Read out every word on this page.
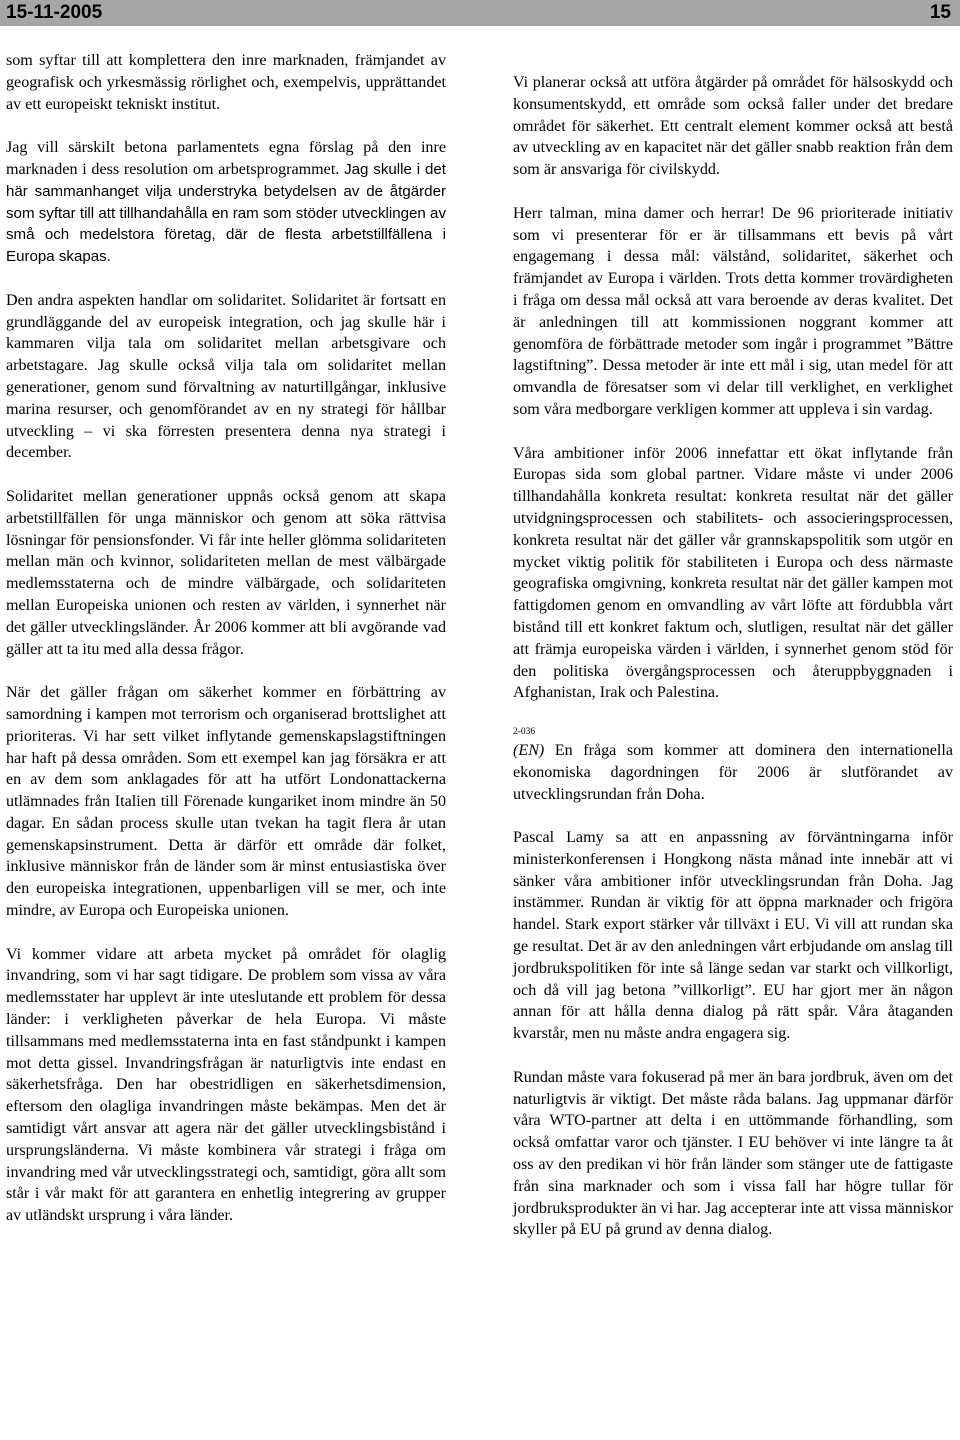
15-11-2005	15

som syftar till att komplettera den inre marknaden, främjandet av geografisk och yrkesmässig rörlighet och, exempelvis, upprättandet av ett europeiskt tekniskt institut.

Jag vill särskilt betona parlamentets egna förslag på den inre marknaden i dess resolution om arbetsprogrammet. Jag skulle i det här sammanhanget vilja understryka betydelsen av de åtgärder som syftar till att tillhandahålla en ram som stöder utvecklingen av små och medelstora företag, där de flesta arbetstillfällena i Europa skapas.

Den andra aspekten handlar om solidaritet. Solidaritet är fortsatt en grundläggande del av europeisk integration, och jag skulle här i kammaren vilja tala om solidaritet mellan arbetsgivare och arbetstagare. Jag skulle också vilja tala om solidaritet mellan generationer, genom sund förvaltning av naturtillgångar, inklusive marina resurser, och genomförandet av en ny strategi för hållbar utveckling – vi ska förresten presentera denna nya strategi i december.

Solidaritet mellan generationer uppnås också genom att skapa arbetstillfällen för unga människor och genom att söka rättvisa lösningar för pensionsfonder. Vi får inte heller glömma solidariteten mellan män och kvinnor, solidariteten mellan de mest välbärgade medlemsstaterna och de mindre välbärgade, och solidariteten mellan Europeiska unionen och resten av världen, i synnerhet när det gäller utvecklingsländer. År 2006 kommer att bli avgörande vad gäller att ta itu med alla dessa frågor.

När det gäller frågan om säkerhet kommer en förbättring av samordning i kampen mot terrorism och organiserad brottslighet att prioriteras. Vi har sett vilket inflytande gemenskapslagstiftningen har haft på dessa områden. Som ett exempel kan jag försäkra er att en av dem som anklagades för att ha utfört Londonattackerna utlämnades från Italien till Förenade kungariket inom mindre än 50 dagar. En sådan process skulle utan tvekan ha tagit flera år utan gemenskapsinstrument. Detta är därför ett område där folket, inklusive människor från de länder som är minst entusiastiska över den europeiska integrationen, uppenbarligen vill se mer, och inte mindre, av Europa och Europeiska unionen.

Vi kommer vidare att arbeta mycket på området för olaglig invandring, som vi har sagt tidigare. De problem som vissa av våra medlemsstater har upplevt är inte uteslutande ett problem för dessa länder: i verkligheten påverkar de hela Europa. Vi måste tillsammans med medlemsstaterna inta en fast ståndpunkt i kampen mot detta gissel. Invandringsfrågan är naturligtvis inte endast en säkerhetsfråga. Den har obestridligen en säkerhetsdimension, eftersom den olagliga invandringen måste bekämpas. Men det är samtidigt vårt ansvar att agera när det gäller utvecklingsbistånd i ursprungsländerna. Vi måste kombinera vår strategi i fråga om invandring med vår utvecklingsstrategi och, samtidigt, göra allt som står i vår makt för att garantera en enhetlig integrering av grupper av utländskt ursprung i våra länder.

Vi planerar också att utföra åtgärder på området för hälsoskydd och konsumentskydd, ett område som också faller under det bredare området för säkerhet. Ett centralt element kommer också att bestå av utveckling av en kapacitet när det gäller snabb reaktion från dem som är ansvariga för civilskydd.

Herr talman, mina damer och herrar! De 96 prioriterade initiativ som vi presenterar för er är tillsammans ett bevis på vårt engagemang i dessa mål: välstånd, solidaritet, säkerhet och främjandet av Europa i världen. Trots detta kommer trovärdigheten i fråga om dessa mål också att vara beroende av deras kvalitet. Det är anledningen till att kommissionen noggrant kommer att genomföra de förbättrade metoder som ingår i programmet ”Bättre lagstiftning”. Dessa metoder är inte ett mål i sig, utan medel för att omvandla de föresatser som vi delar till verklighet, en verklighet som våra medborgare verkligen kommer att uppleva i sin vardag.

Våra ambitioner inför 2006 innefattar ett ökat inflytande från Europas sida som global partner. Vidare måste vi under 2006 tillhandahålla konkreta resultat: konkreta resultat när det gäller utvidgningsprocessen och stabilitets- och associeringsprocessen, konkreta resultat när det gäller vår grannskapspolitik som utgör en mycket viktig politik för stabiliteten i Europa och dess närmaste geografiska omgivning, konkreta resultat när det gäller kampen mot fattigdomen genom en omvandling av vårt löfte att fördubbla vårt bistånd till ett konkret faktum och, slutligen, resultat när det gäller att främja europeiska värden i världen, i synnerhet genom stöd för den politiska övergångsprocessen och återuppbyggnaden i Afghanistan, Irak och Palestina.

2-036

(EN) En fråga som kommer att dominera den internationella ekonomiska dagordningen för 2006 är slutförandet av utvecklingsrundan från Doha.

Pascal Lamy sa att en anpassning av förväntningarna inför ministerkonferensen i Hongkong nästa månad inte innebär att vi sänker våra ambitioner inför utvecklingsrundan från Doha. Jag instämmer. Rundan är viktig för att öppna marknader och frigöra handel. Stark export stärker vår tillväxt i EU. Vi vill att rundan ska ge resultat. Det är av den anledningen vårt erbjudande om anslag till jordbrukspolitiken för inte så länge sedan var starkt och villkorligt, och då vill jag betona ”villkorligt”. EU har gjort mer än någon annan för att hålla denna dialog på rätt spår. Våra åtaganden kvarstår, men nu måste andra engagera sig.

Rundan måste vara fokuserad på mer än bara jordbruk, även om det naturligtvis är viktigt. Det måste råda balans. Jag uppmanar därför våra WTO-partner att delta i en uttömmande förhandling, som också omfattar varor och tjänster. I EU behöver vi inte längre ta åt oss av den predikan vi hör från länder som stänger ute de fattigaste från sina marknader och som i vissa fall har högre tullar för jordbruksprodukter än vi har. Jag accepterar inte att vissa människor skyller på EU på grund av denna dialog.
